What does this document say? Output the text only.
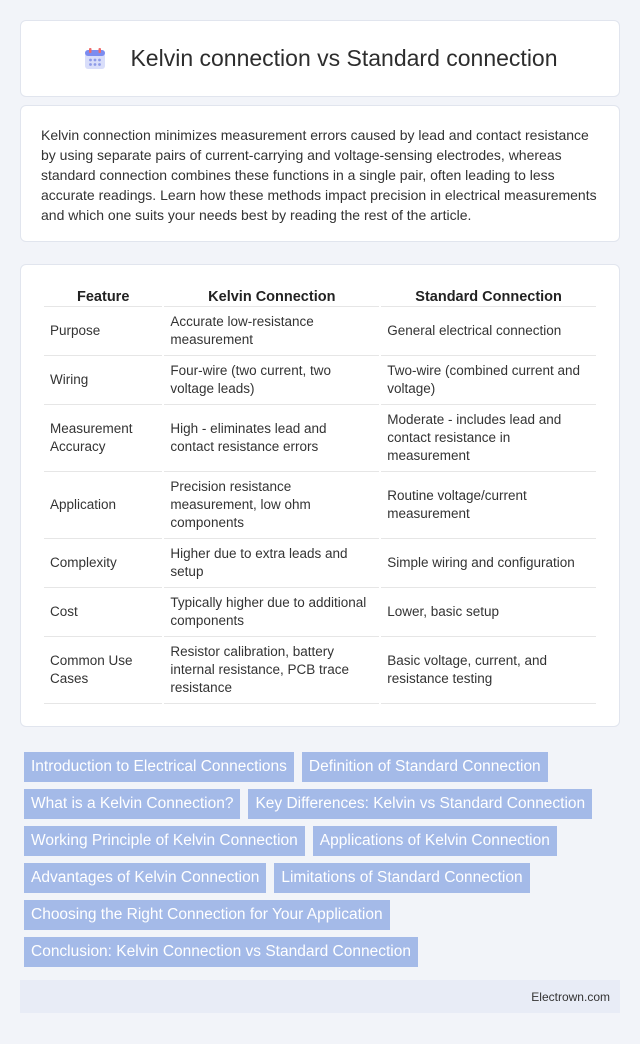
Kelvin connection vs Standard connection

Kelvin connection minimizes measurement errors caused by lead and contact resistance by using separate pairs of current-carrying and voltage-sensing electrodes, whereas standard connection combines these functions in a single pair, often leading to less accurate readings. Learn how these methods impact precision in electrical measurements and which one suits your needs best by reading the rest of the article.

Feature	Kelvin Connection	Standard Connection
Purpose	Accurate low-resistance measurement	General electrical connection
Wiring	Four-wire (two current, two voltage leads)	Two-wire (combined current and voltage)
Measurement Accuracy	High - eliminates lead and contact resistance errors	Moderate - includes lead and contact resistance in measurement
Application	Precision resistance measurement, low ohm components	Routine voltage/current measurement
Complexity	Higher due to extra leads and setup	Simple wiring and configuration
Cost	Typically higher due to additional components	Lower, basic setup
Common Use Cases	Resistor calibration, battery internal resistance, PCB trace resistance	Basic voltage, current, and resistance testing
Introduction to Electrical Connections	Definition of Standard Connection
What is a Kelvin Connection?	Key Differences: Kelvin vs Standard Connection
Working Principle of Kelvin Connection	Applications of Kelvin Connection
Advantages of Kelvin Connection	Limitations of Standard Connection
Choosing the Right Connection for Your Application
Conclusion: Kelvin Connection vs Standard Connection
Electrown.com
